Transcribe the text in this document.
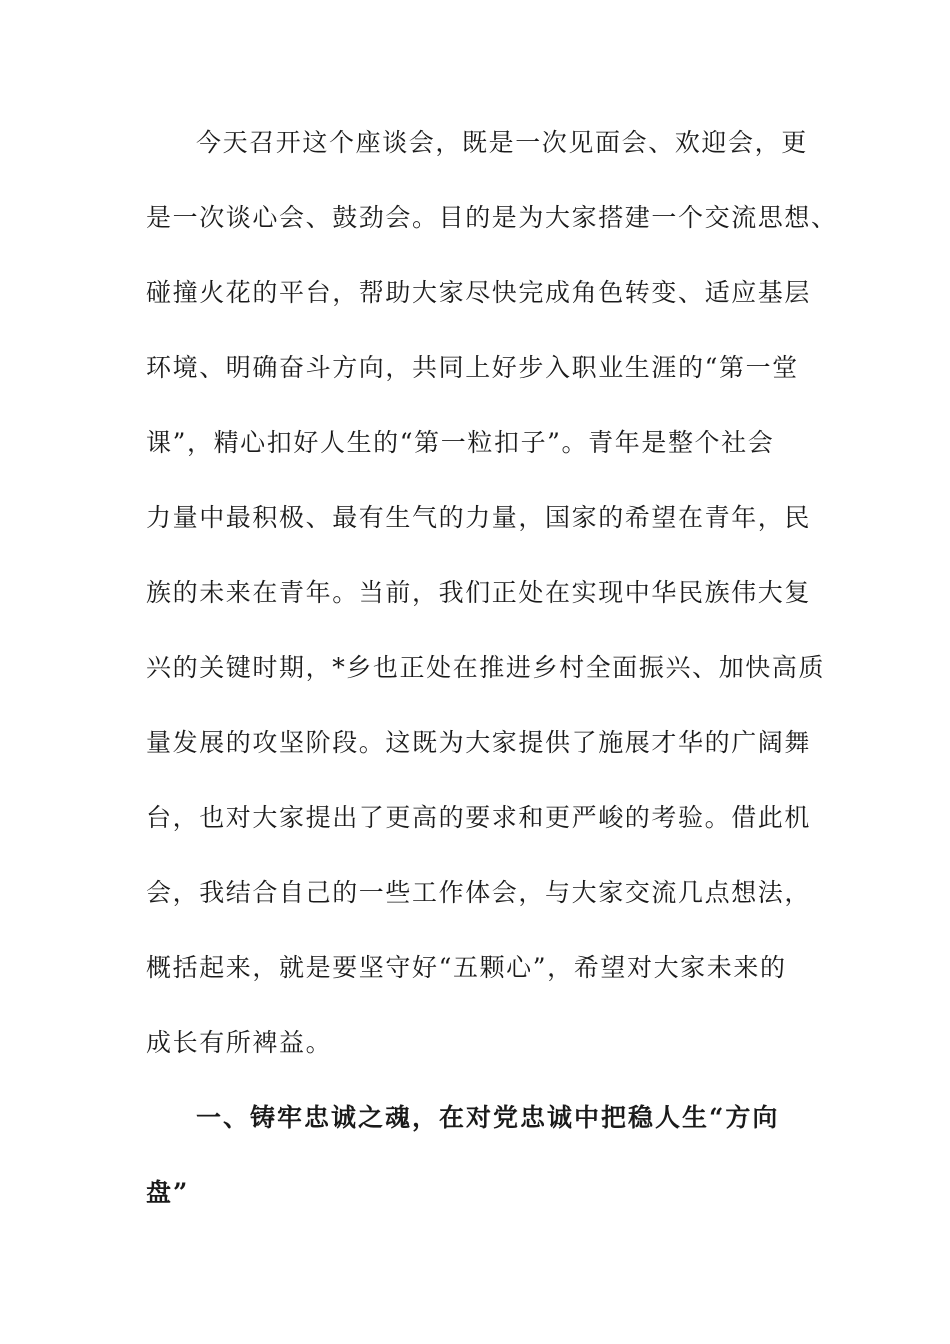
今天召开这个座谈会，既是一次见面会、欢迎会，更
是一次谈心会、鼓劲会。目的是为大家搭建一个交流思想、
碰撞火花的平台，帮助大家尽快完成角色转变、适应基层
环境、明确奋斗方向，共同上好步入职业生涯的“第一堂
课”，精心扣好人生的“第一粒扣子”。青年是整个社会
力量中最积极、最有生气的力量，国家的希望在青年，民
族的未来在青年。当前，我们正处在实现中华民族伟大复
兴的关键时期，*乡也正处在推进乡村全面振兴、加快高质
量发展的攻坚阶段。这既为大家提供了施展才华的广阔舞
台，也对大家提出了更高的要求和更严峻的考验。借此机
会，我结合自己的一些工作体会，与大家交流几点想法，
概括起来，就是要坚守好“五颗心”，希望对大家未来的
成长有所裨益。
一、铸牢忠诚之魂，在对党忠诚中把稳人生“方向
盘”
